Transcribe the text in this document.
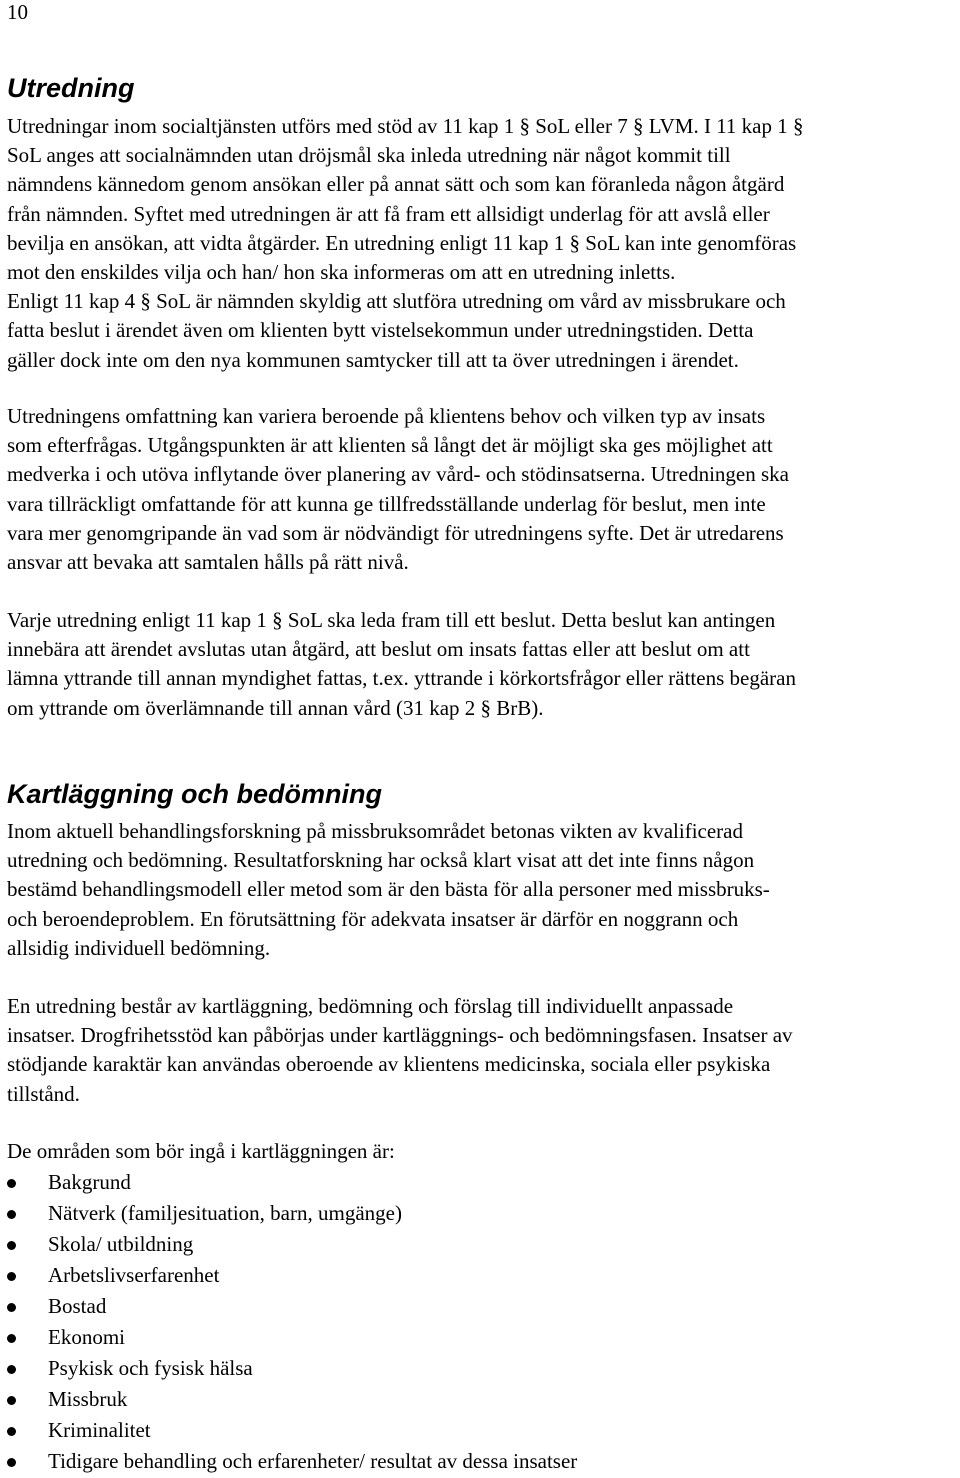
10
Utredning
Utredningar inom socialtjänsten utförs med stöd av 11 kap 1 § SoL eller 7 § LVM. I 11 kap 1 §
SoL anges att socialnämnden utan dröjsmål ska inleda utredning när något kommit till
nämndens kännedom genom ansökan eller på annat sätt och som kan föranleda någon åtgärd
från nämnden. Syftet med utredningen är att få fram ett allsidigt underlag för att avslå eller
bevilja en ansökan, att vidta åtgärder. En utredning enligt 11 kap 1 § SoL kan inte genomföras
mot den enskildes vilja och han/ hon ska informeras om att en utredning inletts.
Enligt 11 kap 4 § SoL är nämnden skyldig att slutföra utredning om vård av missbrukare och
fatta beslut i ärendet även om klienten bytt vistelsekommun under utredningstiden. Detta
gäller dock inte om den nya kommunen samtycker till att ta över utredningen i ärendet.
Utredningens omfattning kan variera beroende på klientens behov och vilken typ av insats
som efterfrågas. Utgångspunkten är att klienten så långt det är möjligt ska ges möjlighet att
medverka i och utöva inflytande över planering av vård- och stödinsatserna. Utredningen ska
vara tillräckligt omfattande för att kunna ge tillfredsställande underlag för beslut, men inte
vara mer genomgripande än vad som är nödvändigt för utredningens syfte. Det är utredarens
ansvar att bevaka att samtalen hålls på rätt nivå.
Varje utredning enligt 11 kap 1 § SoL ska leda fram till ett beslut. Detta beslut kan antingen
innebära att ärendet avslutas utan åtgärd, att beslut om insats fattas eller att beslut om att
lämna yttrande till annan myndighet fattas, t.ex. yttrande i körkortsfrågor eller rättens begäran
om yttrande om överlämnande till annan vård (31 kap 2 § BrB).
Kartläggning och bedömning
Inom aktuell behandlingsforskning på missbruksområdet betonas vikten av kvalificerad
utredning och bedömning. Resultatforskning har också klart visat att det inte finns någon
bestämd behandlingsmodell eller metod som är den bästa för alla personer med missbruks-
och beroendeproblem. En förutsättning för adekvata insatser är därför en noggrann och
allsidig individuell bedömning.
En utredning består av kartläggning, bedömning och förslag till individuellt anpassade
insatser. Drogfrihetsstöd kan påbörjas under kartläggnings- och bedömningsfasen. Insatser av
stödjande karaktär kan användas oberoende av klientens medicinska, sociala eller psykiska
tillstånd.
De områden som bör ingå i kartläggningen är:
Bakgrund
Nätverk (familjesituation, barn, umgänge)
Skola/ utbildning
Arbetslivserfarenhet
Bostad
Ekonomi
Psykisk och fysisk hälsa
Missbruk
Kriminalitet
Tidigare behandling och erfarenheter/ resultat av dessa insatser
